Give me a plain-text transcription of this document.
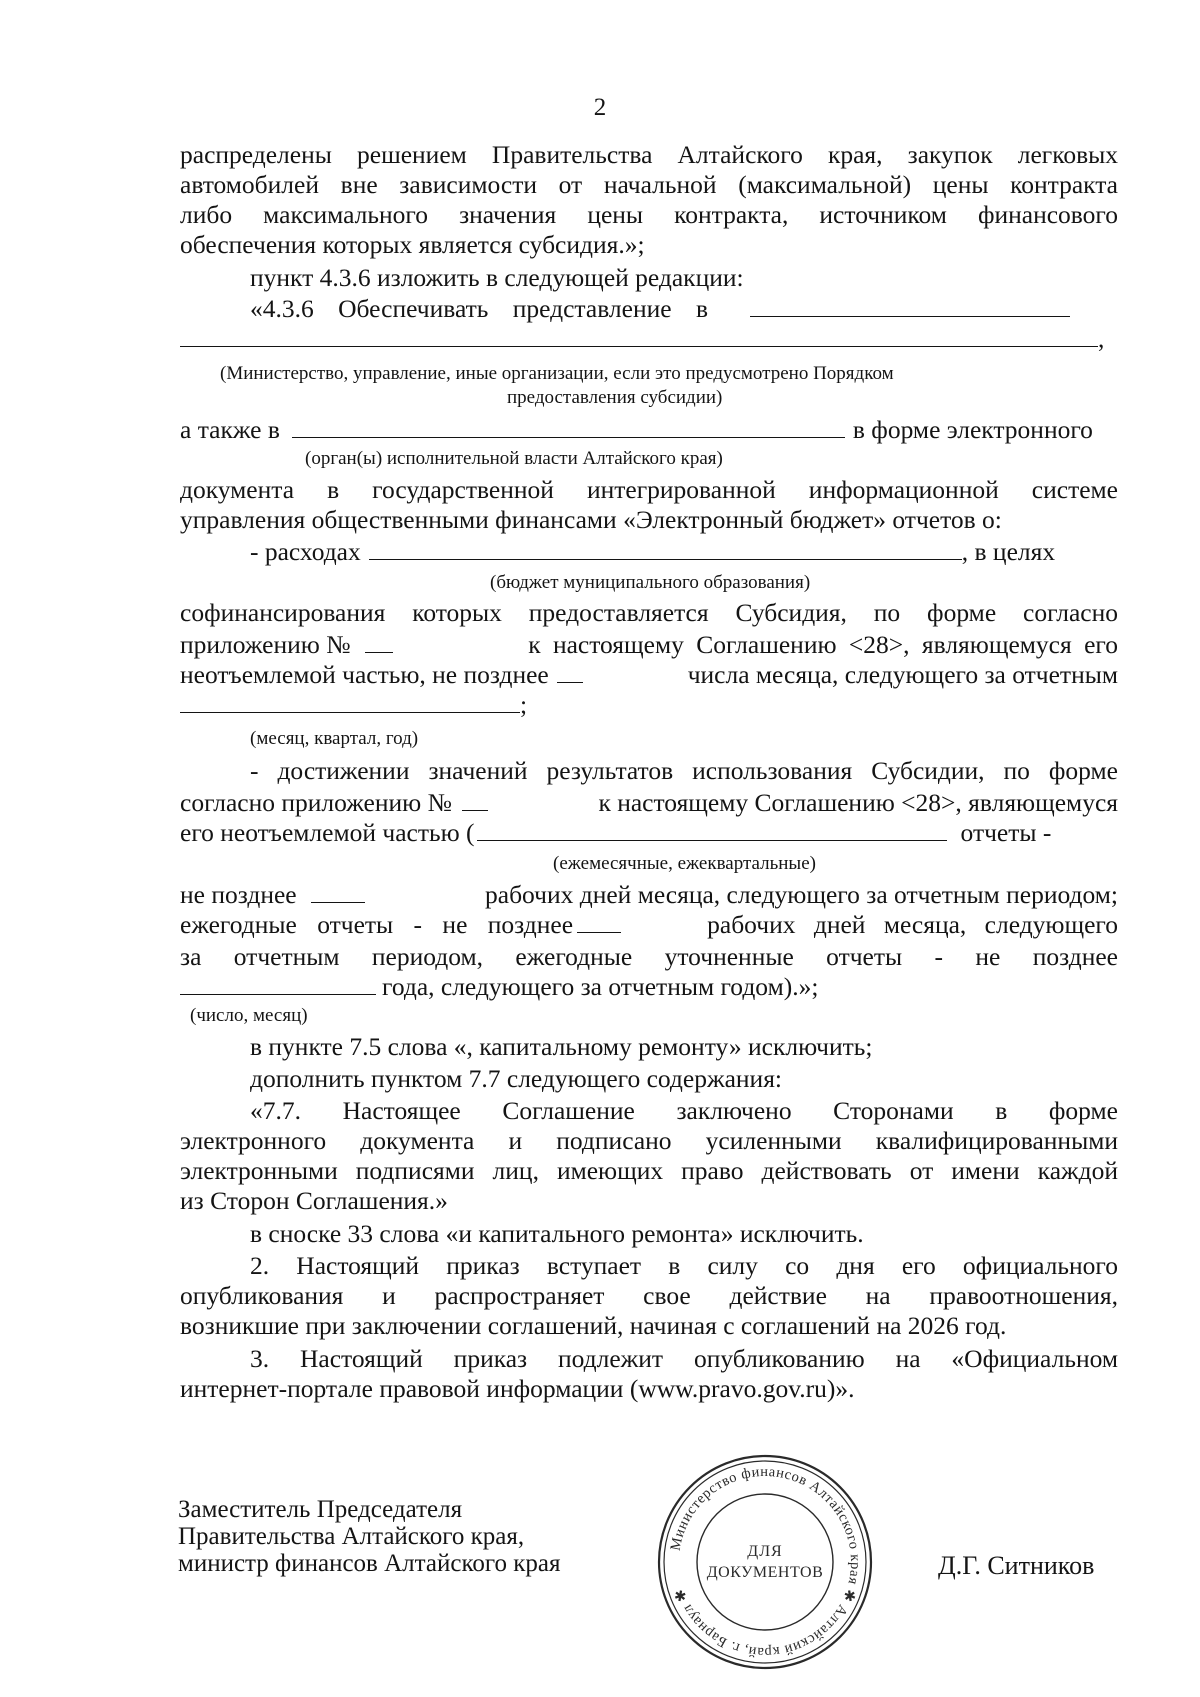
2
распределены решением Правительства Алтайского края, закупок легковых
автомобилей вне зависимости от начальной (максимальной) цены контракта
либо максимального значения цены контракта, источником финансового
обеспечения которых является субсидия.»;
пункт 4.3.6 изложить в следующей редакции:
«4.3.6 Обеспечивать представление в
,
(Министерство, управление, иные организации, если это предусмотрено Порядком
предоставления субсидии)
а также в	в форме электронного
(орган(ы) исполнительной власти Алтайского края)
документа в государственной интегрированной информационной системе
управления общественными финансами «Электронный бюджет» отчетов о:
- расходах	, в целях
(бюджет муниципального образования)
софинансирования которых предоставляется Субсидия, по форме согласно
приложению №	к настоящему Соглашению <28>, являющемуся его
неотъемлемой частью, не позднее	числа месяца, следующего за отчетным
;
(месяц, квартал, год)
- достижении значений результатов использования Субсидии, по форме
согласно приложению №	к настоящему Соглашению <28>, являющемуся
его неотъемлемой частью (	отчеты -
(ежемесячные, ежеквартальные)
не позднее	рабочих дней месяца, следующего за отчетным периодом;
ежегодные отчеты - не позднее	рабочих дней месяца, следующего
за отчетным периодом, ежегодные уточненные отчеты - не позднее
года, следующего за отчетным годом).»;
(число, месяц)
в пункте 7.5 слова «, капитальному ремонту» исключить;
дополнить пунктом 7.7 следующего содержания:
«7.7. Настоящее Соглашение заключено Сторонами в форме
электронного документа и подписано усиленными квалифицированными
электронными подписями лиц, имеющих право действовать от имени каждой
из Сторон Соглашения.»
в сноске 33 слова «и капитального ремонта» исключить.
2. Настоящий приказ вступает в силу со дня его официального
опубликования и распространяет свое действие на правоотношения,
возникшие при заключении соглашений, начиная с соглашений на 2026 год.
3. Настоящий приказ подлежит опубликованию на «Официальном
интернет-портале правовой информации (www.pravo.gov.ru)».
Заместитель Председателя
Правительства Алтайского края,
министр финансов Алтайского края	Д.Г. Ситников
Министерство финансов Алтайского края ✱ Алтайский край, г. Барнаул ✱
ДЛЯ
ДОКУМЕНТОВ
